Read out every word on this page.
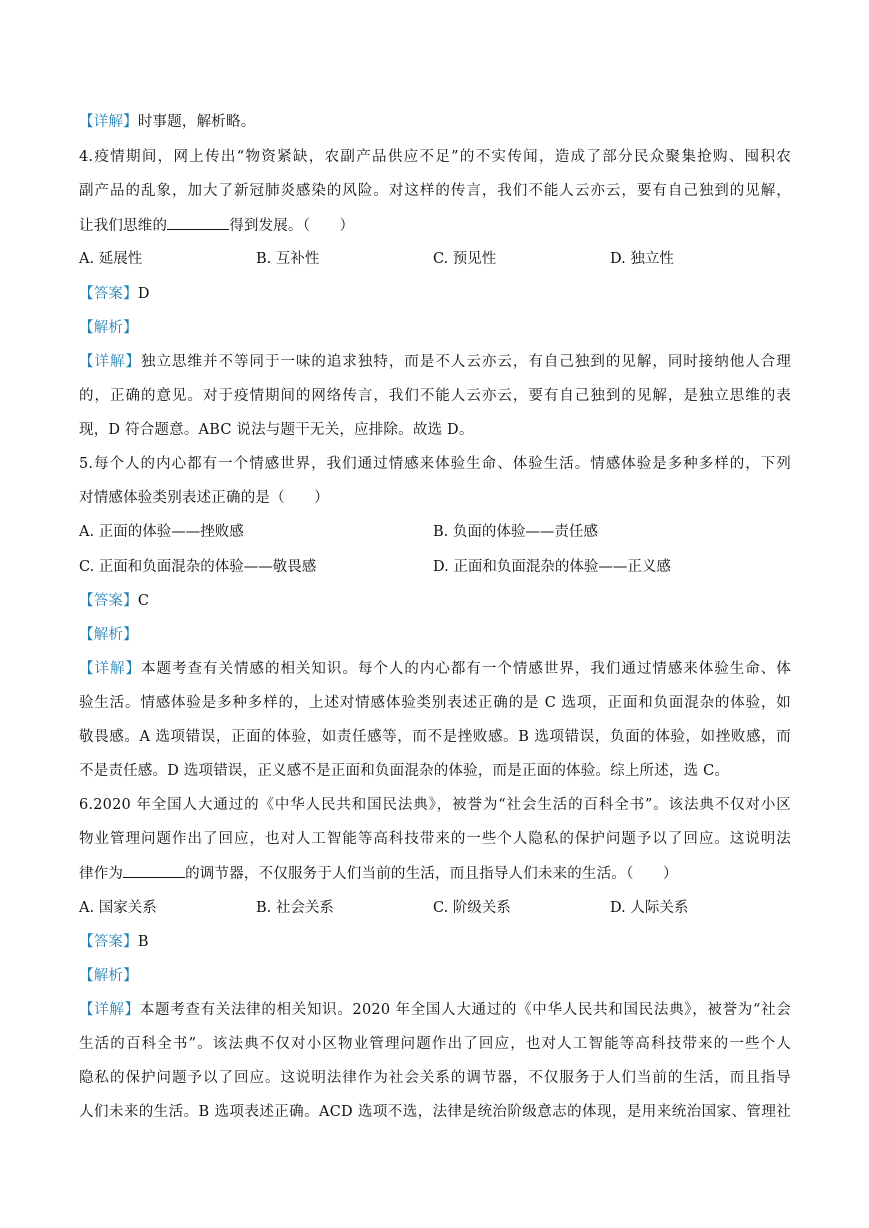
【详解】时事题，解析略。
4.疫情期间，网上传出“物资紧缺，农副产品供应不足”的不实传闻，造成了部分民众聚集抢购、囤积农
副产品的乱象，加大了新冠肺炎感染的风险。对这样的传言，我们不能人云亦云，要有自己独到的见解，
让我们思维的	得到发展。（　　）
A. 延展性	B. 互补性	C. 预见性	D. 独立性
【答案】D
【解析】
【详解】独立思维并不等同于一味的追求独特，而是不人云亦云，有自己独到的见解，同时接纳他人合理
的，正确的意见。对于疫情期间的网络传言，我们不能人云亦云，要有自己独到的见解，是独立思维的表
现，D 符合题意。ABC 说法与题干无关，应排除。故选 D。
5.每个人的内心都有一个情感世界，我们通过情感来体验生命、体验生活。情感体验是多种多样的，下列
对情感体验类别表述正确的是（　　）
A. 正面的体验——挫败感	B. 负面的体验——责任感
C. 正面和负面混杂的体验——敬畏感	D. 正面和负面混杂的体验——正义感
【答案】C
【解析】
【详解】本题考查有关情感的相关知识。每个人的内心都有一个情感世界，我们通过情感来体验生命、体
验生活。情感体验是多种多样的，上述对情感体验类别表述正确的是 C 选项，正面和负面混杂的体验，如
敬畏感。A 选项错误，正面的体验，如责任感等，而不是挫败感。B 选项错误，负面的体验，如挫败感，而
不是责任感。D 选项错误，正义感不是正面和负面混杂的体验，而是正面的体验。综上所述，选 C。
6.2020 年全国人大通过的《中华人民共和国民法典》，被誉为“社会生活的百科全书”。该法典不仅对小区
物业管理问题作出了回应，也对人工智能等高科技带来的一些个人隐私的保护问题予以了回应。这说明法
律作为	的调节器，不仅服务于人们当前的生活，而且指导人们未来的生活。（　　）
A. 国家关系	B. 社会关系	C. 阶级关系	D. 人际关系
【答案】B
【解析】
【详解】本题考查有关法律的相关知识。2020 年全国人大通过的《中华人民共和国民法典》，被誉为“社会
生活的百科全书”。该法典不仅对小区物业管理问题作出了回应，也对人工智能等高科技带来的一些个人
隐私的保护问题予以了回应。这说明法律作为社会关系的调节器，不仅服务于人们当前的生活，而且指导
人们未来的生活。B 选项表述正确。ACD 选项不选，法律是统治阶级意志的体现，是用来统治国家、管理社
